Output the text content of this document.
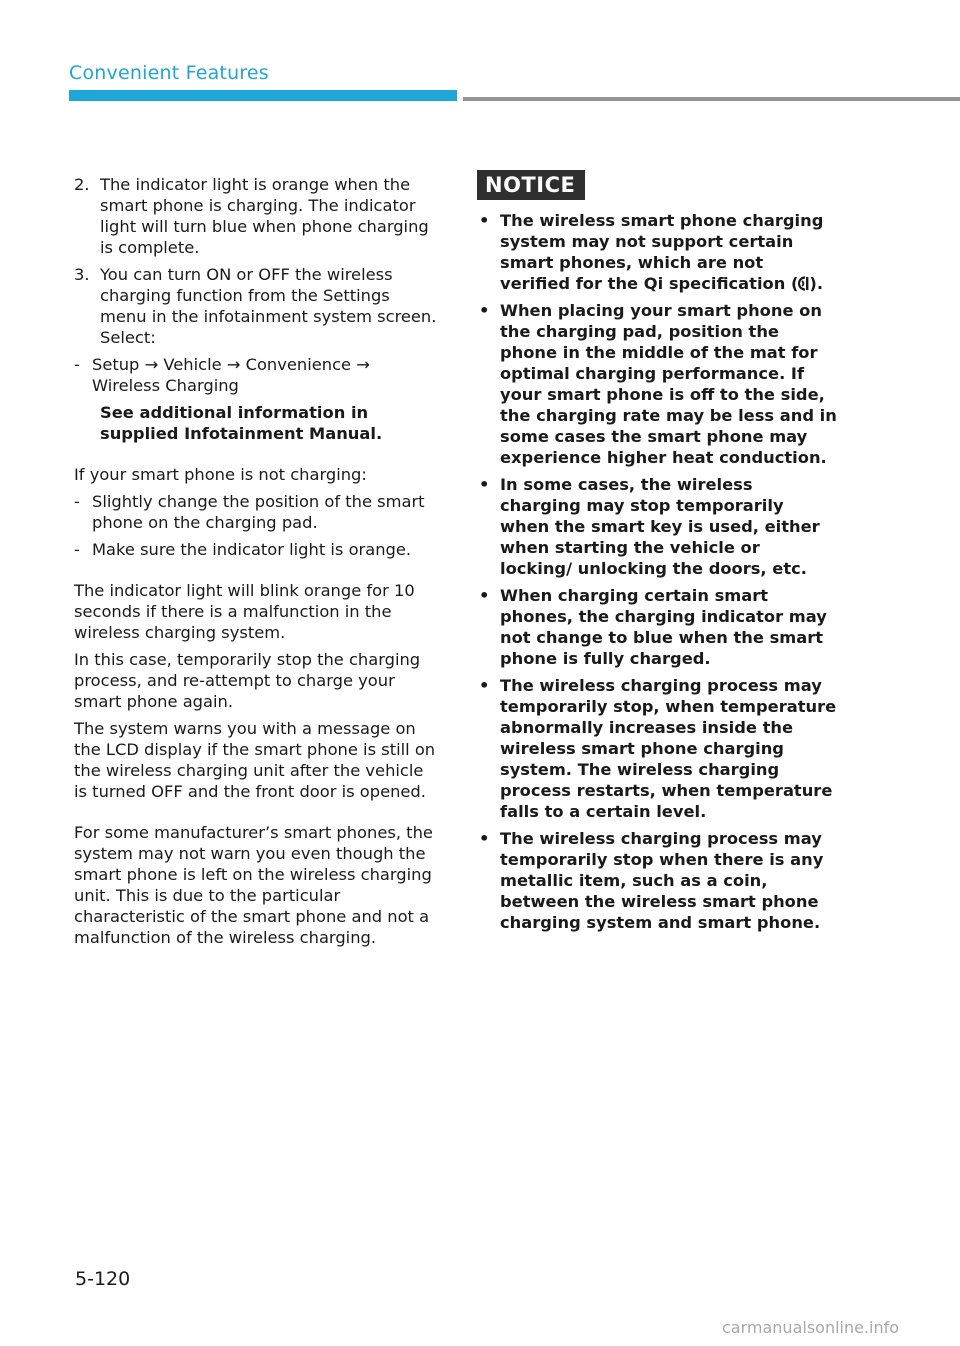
Convenient Features
2. The indicator light is orange when the smart phone is charging. The indicator light will turn blue when phone charging is complete.
3. You can turn ON or OFF the wireless charging function from the Settings menu in the infotainment system screen. Select:
- Setup → Vehicle → Convenience → Wireless Charging

See additional information in supplied Infotainment Manual.

If your smart phone is not charging:

- Slightly change the position of the smart phone on the charging pad.
- Make sure the indicator light is orange.

The indicator light will blink orange for 10 seconds if there is a malfunction in the wireless charging system.

In this case, temporarily stop the charging process, and re-attempt to charge your smart phone again.

The system warns you with a message on the LCD display if the smart phone is still on the wireless charging unit after the vehicle is turned OFF and the front door is opened.

For some manufacturer’s smart phones, the system may not warn you even though the smart phone is left on the wireless charging unit. This is due to the particular characteristic of the smart phone and not a malfunction of the wireless charging.

NOTICE
• The wireless smart phone charging system may not support certain smart phones, which are not verified for the Qi specification ( ).
• When placing your smart phone on the charging pad, position the phone in the middle of the mat for optimal charging performance. If your smart phone is off to the side, the charging rate may be less and in some cases the smart phone may experience higher heat conduction.
• In some cases, the wireless charging may stop temporarily when the smart key is used, either when starting the vehicle or locking/ unlocking the doors, etc.
• When charging certain smart phones, the charging indicator may not change to blue when the smart phone is fully charged.
• The wireless charging process may temporarily stop, when temperature abnormally increases inside the wireless smart phone charging system. The wireless charging process restarts, when temperature falls to a certain level.
• The wireless charging process may temporarily stop when there is any metallic item, such as a coin, between the wireless smart phone charging system and smart phone.
5-120
carmanualsonline.info
